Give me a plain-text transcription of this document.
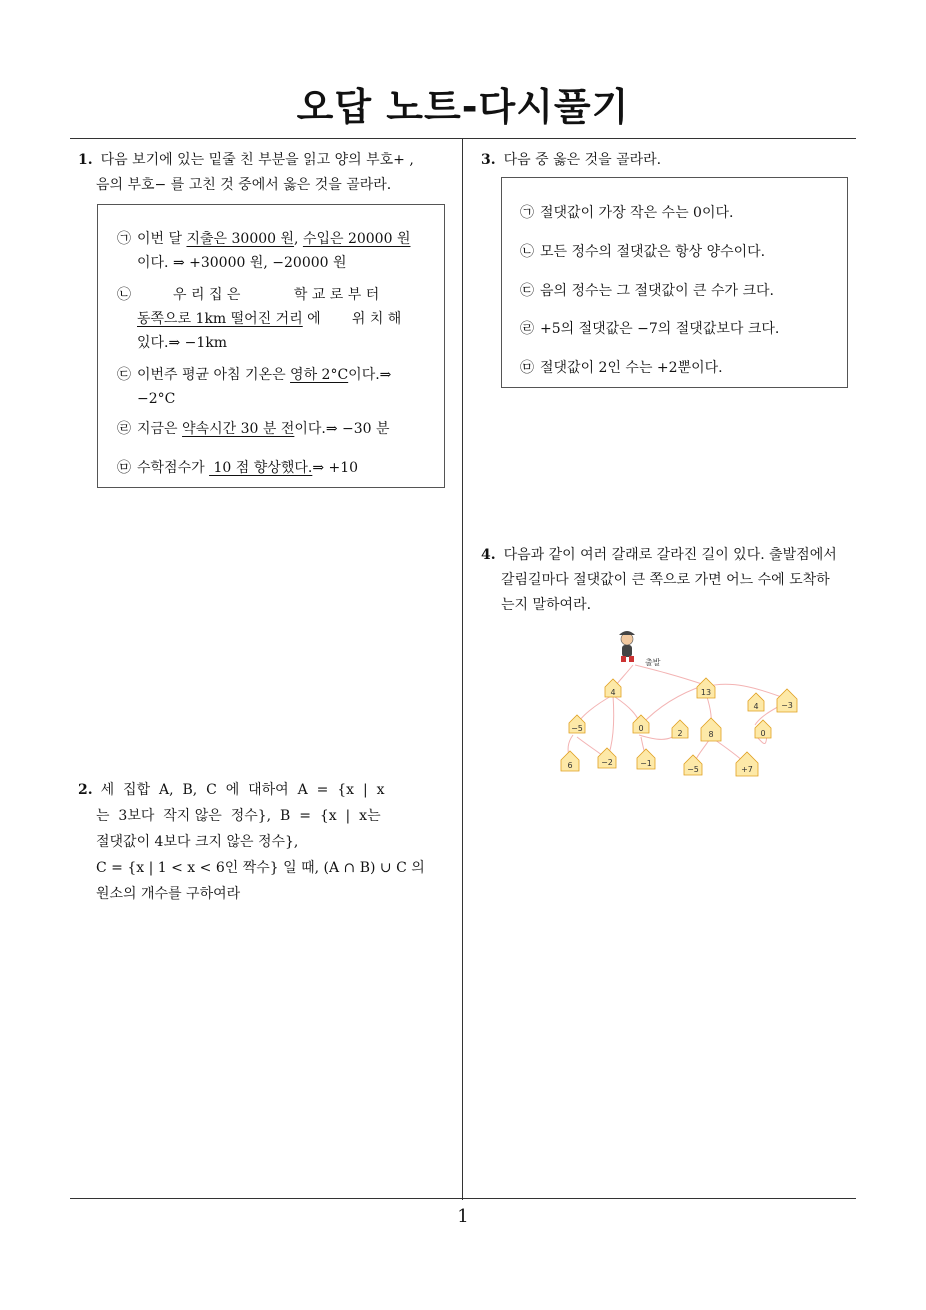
오답 노트-다시풀기
1. 다음 보기에 있는 밑줄 친 부분을 읽고 양의 부호+ ,
음의 부호− 를 고친 것 중에서 옳은 것을 골라라.
㉠ 이번 달 지출은 30000 원, 수입은 20000 원
이다. ⇒ +30000 원, −20000 원
㉡	우 리 집 은            학 교 로 부 터
동쪽으로 1km 떨어진 거리 에       위 치 해
있다.⇒ −1km
㉢ 이번주 평균 아침 기온은 영하 2°C이다.⇒
−2°C
㉣ 지금은 약속시간 30 분 전이다.⇒ −30 분
㉤ 수학점수가  10 점 향상했다.⇒ +10
2. 세  집합  A,  B,  C  에  대하여  A  =  {x  |  x
는  3보다  작지 않은  정수},  B  =  {x  |  x는
절댓값이 4보다 크지 않은 정수},
C = {x | 1 < x < 6인 짝수} 일 때, (A ∩ B) ∪ C 의
원소의 개수를 구하여라
3. 다음 중 옳은 것을 골라라.
㉠ 절댓값이 가장 작은 수는 0이다.
㉡ 모든 정수의 절댓값은 항상 양수이다.
㉢ 음의 정수는 그 절댓값이 큰 수가 크다.
㉣ +5의 절댓값은 −7의 절댓값보다 크다.
㉤ 절댓값이 2인 수는 +2뿐이다.
4. 다음과 같이 여러 갈래로 갈라진 길이 있다. 출발점에서
갈림길마다 절댓값이 큰 쪽으로 가면 어느 수에 도착하
는지 말하여라.
출발
4	13
4	−3
−5	0
2	8	0
6	−2	−1
−5	+7
1
